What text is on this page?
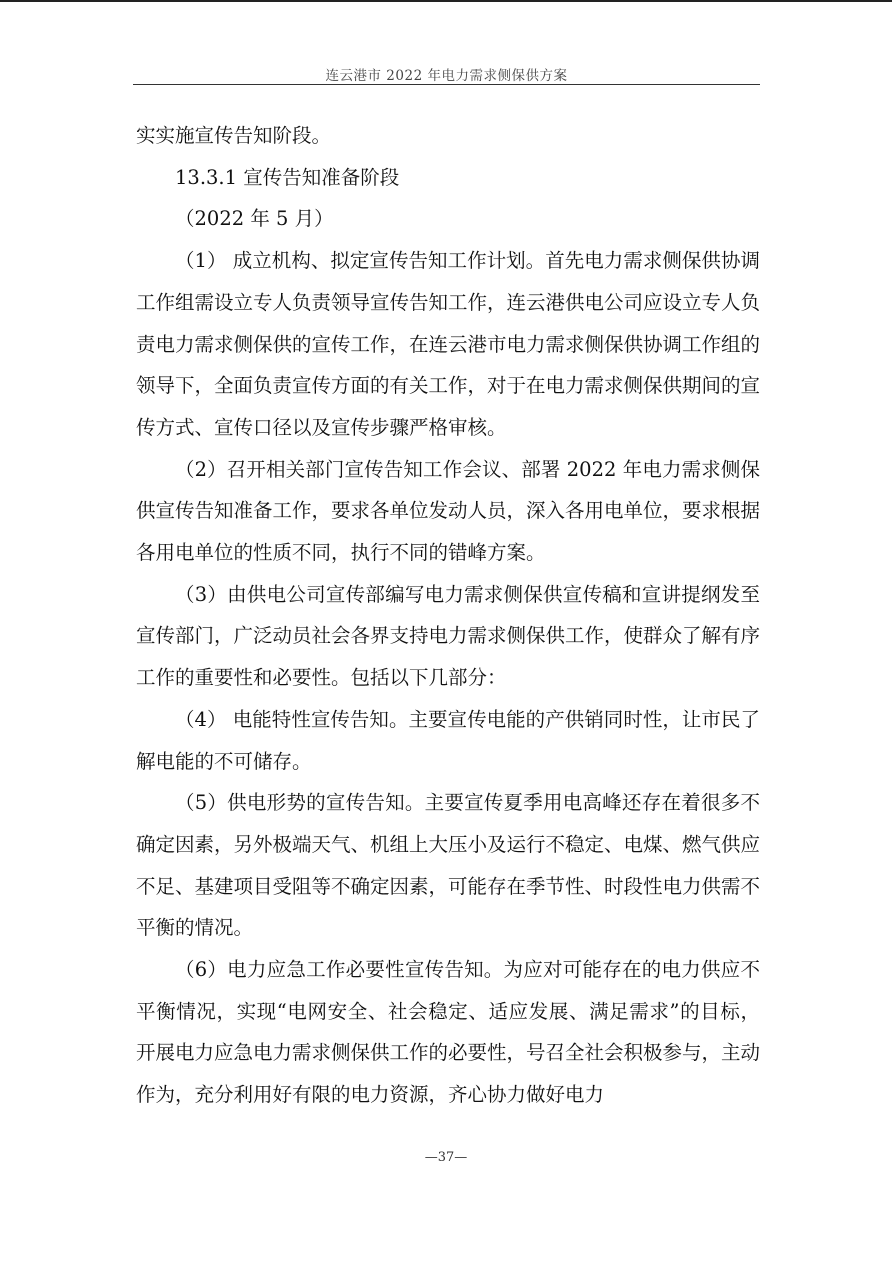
连云港市 2022 年电力需求侧保供方案

实实施宣传告知阶段。

13.3.1 宣传告知准备阶段

（2022 年 5 月）

（1） 成立机构、拟定宣传告知工作计划。首先电力需求侧保供协调工作组需设立专人负责领导宣传告知工作，连云港供电公司应设立专人负责电力需求侧保供的宣传工作，在连云港市电力需求侧保供协调工作组的领导下，全面负责宣传方面的有关工作，对于在电力需求侧保供期间的宣传方式、宣传口径以及宣传步骤严格审核。

（2）召开相关部门宣传告知工作会议、部署 2022 年电力需求侧保供宣传告知准备工作，要求各单位发动人员，深入各用电单位，要求根据各用电单位的性质不同，执行不同的错峰方案。

（3）由供电公司宣传部编写电力需求侧保供宣传稿和宣讲提纲发至宣传部门，广泛动员社会各界支持电力需求侧保供工作，使群众了解有序工作的重要性和必要性。包括以下几部分：

（4） 电能特性宣传告知。主要宣传电能的产供销同时性，让市民了解电能的不可储存。

（5）供电形势的宣传告知。主要宣传夏季用电高峰还存在着很多不确定因素，另外极端天气、机组上大压小及运行不稳定、电煤、燃气供应不足、基建项目受阻等不确定因素，可能存在季节性、时段性电力供需不平衡的情况。

（6）电力应急工作必要性宣传告知。为应对可能存在的电力供应不平衡情况，实现“电网安全、社会稳定、适应发展、满足需求”的目标，开展电力应急电力需求侧保供工作的必要性，号召全社会积极参与，主动作为，充分利用好有限的电力资源，齐心协力做好电力

—37—
